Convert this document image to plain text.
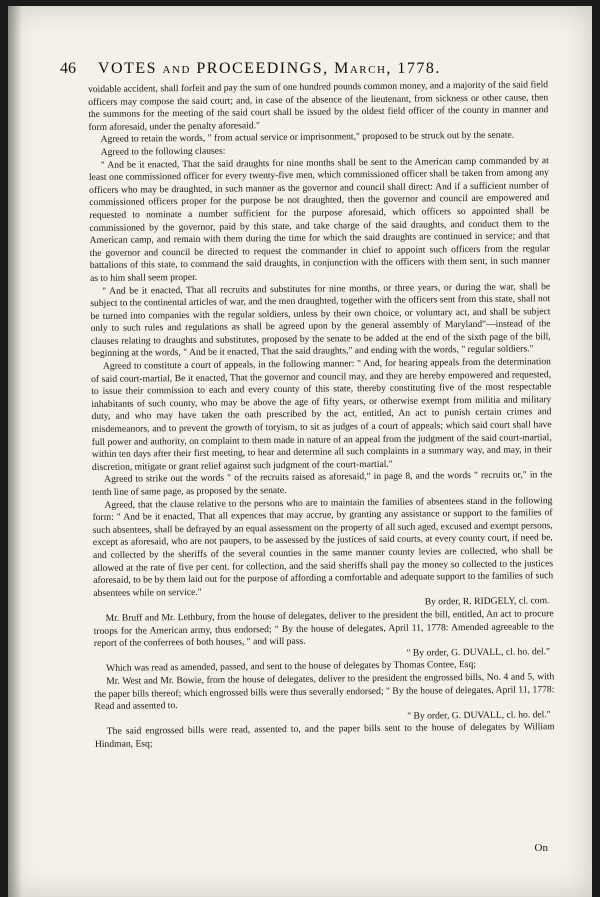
46 VOTES and PROCEEDINGS, March, 1778.

voidable accident, shall forfeit and pay the sum of one hundred pounds common money, and a majority of the said field officers may compose the said court; and, in case of the absence of the lieutenant, from sickness or other cause, then the summons for the meeting of the said court shall be issued by the oldest field officer of the county in manner and form aforesaid, under the penalty aforesaid."

Agreed to retain the words, " from actual service or imprisonment," proposed to be struck out by the senate.

Agreed to the following clauses:

" And be it enacted, That the said draughts for nine months shall be sent to the American camp commanded by at least one commissioned officer for every twenty-five men, which commissioned officer shall be taken from among any officers who may be draughted, in such manner as the governor and council shall direct: And if a sufficient number of commissioned officers proper for the purpose be not draughted, then the governor and council are empowered and requested to nominate a number sufficient for the purpose aforesaid, which officers so appointed shall be commissioned by the governor, paid by this state, and take charge of the said draughts, and conduct them to the American camp, and remain with them during the time for which the said draughts are continued in service; and that the governor and council be directed to request the commander in chief to appoint such officers from the regular battalions of this state, to command the said draughts, in conjunction with the officers with them sent, in such manner as to him shall seem proper.

" And be it enacted, That all recruits and substitutes for nine months, or three years, or during the war, shall be subject to the continental articles of war, and the men draughted, together with the officers sent from this state, shall not be turned into companies with the regular soldiers, unless by their own choice, or voluntary act, and shall be subject only to such rules and regulations as shall be agreed upon by the general assembly of Maryland"—instead of the clauses relating to draughts and substitutes, proposed by the senate to be added at the end of the sixth page of the bill, beginning at the words, " And be it enacted, That the said draughts," and ending with the words, " regular soldiers."

Agreed to constitute a court of appeals, in the following manner: " And, for hearing appeals from the determination of said court-martial, Be it enacted, That the governor and council may, and they are hereby empowered and requested, to issue their commission to each and every county of this state, thereby constituting five of the most respectable inhabitants of such county, who may be above the age of fifty years, or otherwise exempt from militia and military duty, and who may have taken the oath prescribed by the act, entitled, An act to punish certain crimes and misdemeanors, and to prevent the growth of toryism, to sit as judges of a court of appeals; which said court shall have full power and authority, on complaint to them made in nature of an appeal from the judgment of the said court-martial, within ten days after their first meeting, to hear and determine all such complaints in a summary way, and may, in their discretion, mitigate or grant relief against such judgment of the court-martial."

Agreed to strike out the words " of the recruits raised as aforesaid," in page 8, and the words " recruits or," in the tenth line of same page, as proposed by the senate.

Agreed, that the clause relative to the persons who are to maintain the families of absentees stand in the following form: " And be it enacted, That all expences that may accrue, by granting any assistance or support to the families of such absentees, shall be defrayed by an equal assessment on the property of all such aged, excused and exempt persons, except as aforesaid, who are not paupers, to be assessed by the justices of said courts, at every county court, if need be, and collected by the sheriffs of the several counties in the same manner county levies are collected, who shall be allowed at the rate of five per cent. for collection, and the said sheriffs shall pay the money so collected to the justices aforesaid, to be by them laid out for the purpose of affording a comfortable and adequate support to the families of such absentees while on service."

By order, R. RIDGELY, cl. com.

Mr. Bruff and Mr. Lethbury, from the house of delegates, deliver to the president the bill, entitled, An act to procure troops for the American army, thus endorsed; " By the house of delegates, April 11, 1778: Amended agreeable to the report of the conferrees of both houses, " and will pass.

" By order, G. DUVALL, cl. ho. del."

Which was read as amended, passed, and sent to the house of delegates by Thomas Contee, Esq;

Mr. West and Mr. Bowie, from the house of delegates, deliver to the president the engrossed bills, No. 4 and 5, with the paper bills thereof; which engrossed bills were thus severally endorsed; " By the house of delegates, April 11, 1778: Read and assented to.

" By order, G. DUVALL, cl. ho. del."

The said engrossed bills were read, assented to, and the paper bills sent to the house of delegates by William Hindman, Esq;

On
